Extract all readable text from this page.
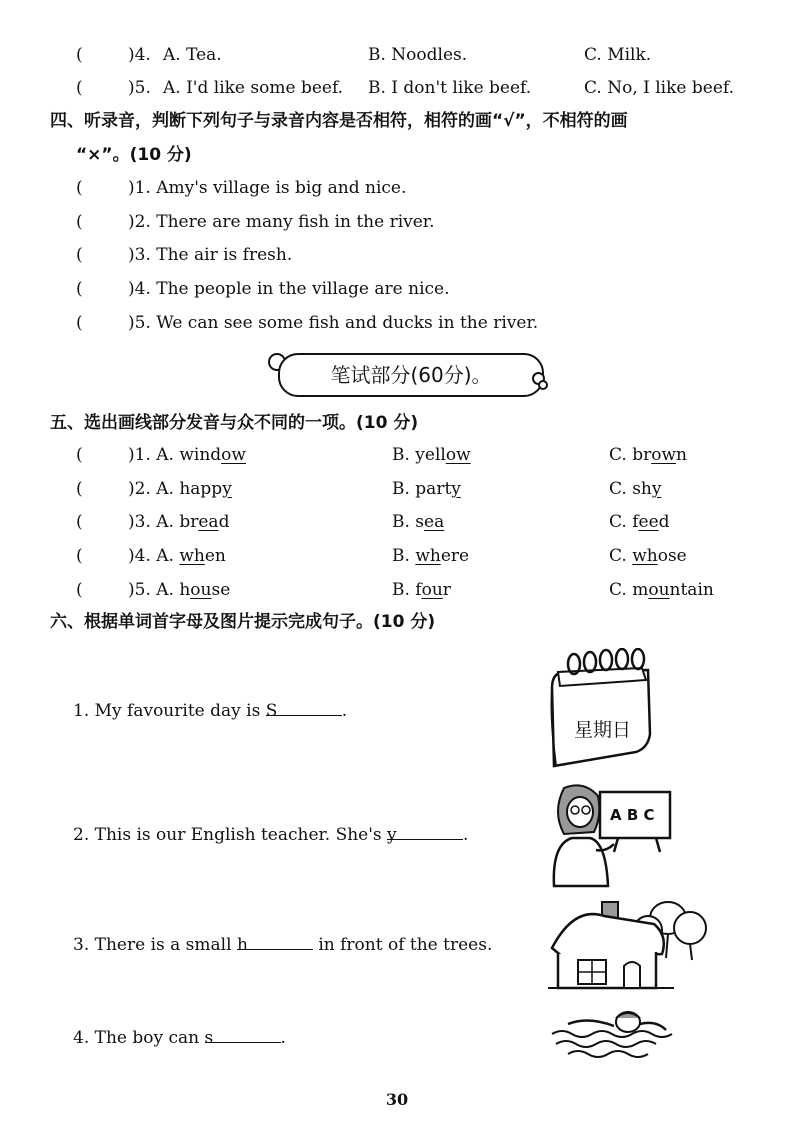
(	)4. A. Tea.	B. Noodles.	C. Milk.
(	)5. A. I'd like some beef. B. I don't like beef.	C. No, I like beef.
四、听录音，判断下列句子与录音内容是否相符，相符的画“√”，不相符的画
“×”。(10 分)
(	)1. Amy's village is big and nice.
(	)2. There are many fish in the river.
(	)3. The air is fresh.
(	)4. The people in the village are nice.
(	)5. We can see some fish and ducks in the river.
笔试部分(60分)。
五、选出画线部分发音与众不同的一项。(10 分)
(	)1. A. window	B. yellow	C. brown
(	)2. A. happy	B. party	C. shy
(	)3. A. bread	B. sea	C. feed
(	)4. A. when	B. where	C. whose
(	)5. A. house	B. four	C. mountain
六、根据单词首字母及图片提示完成句子。(10 分)
1. My favourite day is S	.
2. This is our English teacher. She's y	.
3. There is a small h	in front of the trees.
4. The boy can s	.
星期日
A B C
30
